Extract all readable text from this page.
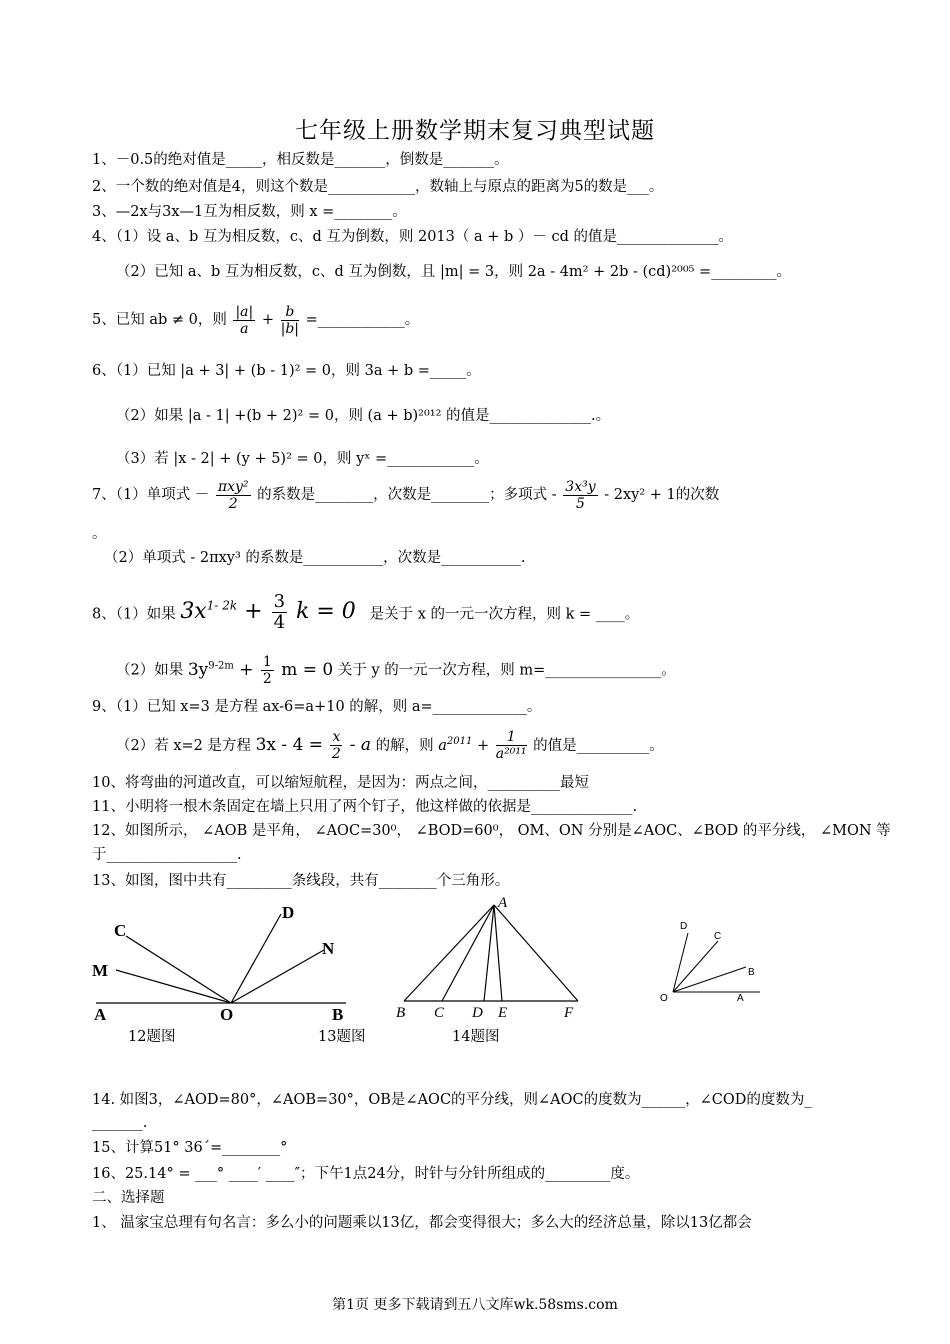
七年级上册数学期末复习典型试题
1、－0.5的绝对值是_____，相反数是_______，倒数是_______。
2、一个数的绝对值是4，则这个数是____________，数轴上与原点的距离为5的数是___。
3、—2x与3x—1互为相反数，则 x =________。
4、（1）设 a、b 互为相反数，c、d 互为倒数，则 2013（ a + b ）－ cd 的值是______________。
（2）已知 a、b 互为相反数，c、d 互为倒数，且 |m| = 3，则 2a - 4m² + 2b - (cd)²⁰⁰⁵ =_________。
5、已知 ab ≠ 0，则 $\frac{|a|}{a} + \frac{b}{|b|}$ =____________。
6、（1）已知 |a + 3| + (b - 1)² = 0，则 3a + b =_____。
（2）如果 |a - 1| +(b + 2)² = 0，则 (a + b)²⁰¹² 的值是______________.。
（3）若 |x - 2| + (y + 5)² = 0，则 yˣ =____________。
7、（1）单项式 － $\frac{\text{πxy²}}{2}$ 的系数是________，次数是________；多项式 - $\frac{\text{3x³y}}{5} - 2xy^2 + 1$的次数
。
（2）单项式 - 2πxy³ 的系数是___________，次数是___________.
8、（1）如果 $3x^{1- 2k} + \frac{3}{4}$ k = 0 是关于 x 的一元一次方程，则 k = ____。
（2）如果 $3y^{9-2m} + \frac{1}{2}$ m = 0 关于 y 的一元一次方程，则 m=________________。
9、（1）已知 x=3 是方程 ax-6=a+10 的解，则 a=_____________。
（2）若 x=2 是方程 $3x - 4 = \frac{x}{2} - a$ 的解，则 $a^{2011} + \frac{1}{\text{a²⁰¹¹}}$ 的值是__________。
10、将弯曲的河道改直，可以缩短航程，是因为：两点之间，__________最短
11、小明将一根木条固定在墙上只用了两个钉子，他这样做的依据是______________.
12、如图所示， ∠AOB 是平角， ∠AOC=30⁰， ∠BOD=60⁰， OM、ON 分别是∠AOC、∠BOD 的平分线， ∠MON 等
于__________________.
13、如图，图中共有_________条线段，共有________个三角形。
C
D
M
N
A	O	B
12题图
A
B C D E	F
13题图	14题图
D
C
B
O	A
14. 如图3，∠AOD=80°，∠AOB=30°，OB是∠AOC的平分线，则∠AOC的度数为______，∠COD的度数为_
_______.
15、计算51° 36´=________°
16、25.14° = ___° ____′ ____″；下午1点24分，时针与分针所组成的_________度。
二、选择题
1、 温家宝总理有句名言：多么小的问题乘以13亿，都会变得很大；多么大的经济总量，除以13亿都会
第1页 更多下载请到五八文库wk.58sms.com
